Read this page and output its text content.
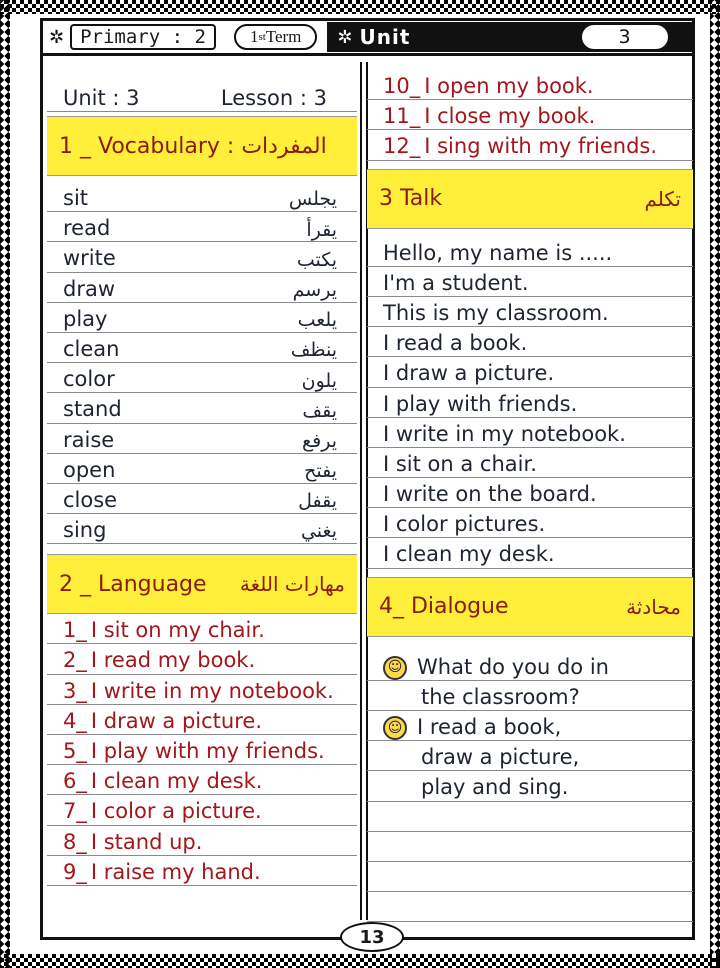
✲ Primary : 2	1 st Term ✲ Unit	3
Unit : 3	Lesson : 3
1 _ Vocabulary : المفردات
sit	يجلس
read	يقرأ
write	يكتب
draw	يرسم
play	يلعب
clean	ينظف
color	يلون
stand	يقف
raise	يرفع
open	يفتح
close	يقفل
sing	يغني
2 _ Language مهارات اللغة
1_ I sit on my chair.
2_ I read my book.
3_ I write in my notebook.
4_ I draw a picture.
5_ I play with my friends.
6_ I clean my desk.
7_ I color a picture.
8_ I stand up.
9_ I raise my hand.
10_ I open my book.
11_ I close my book.
12_ I sing with my friends.
3 Talk	تكلم
Hello, my name is .....
I'm a student.
This is my classroom.
I read a book.
I draw a picture.
I play with friends.
I write in my notebook.
I sit on a chair.
I write on the board.
I color pictures.
I clean my desk.
4_ Dialogue	محادثة
☺ What do you do in
the classroom?
☺ I read a book,
draw a picture,
play and sing.
13
